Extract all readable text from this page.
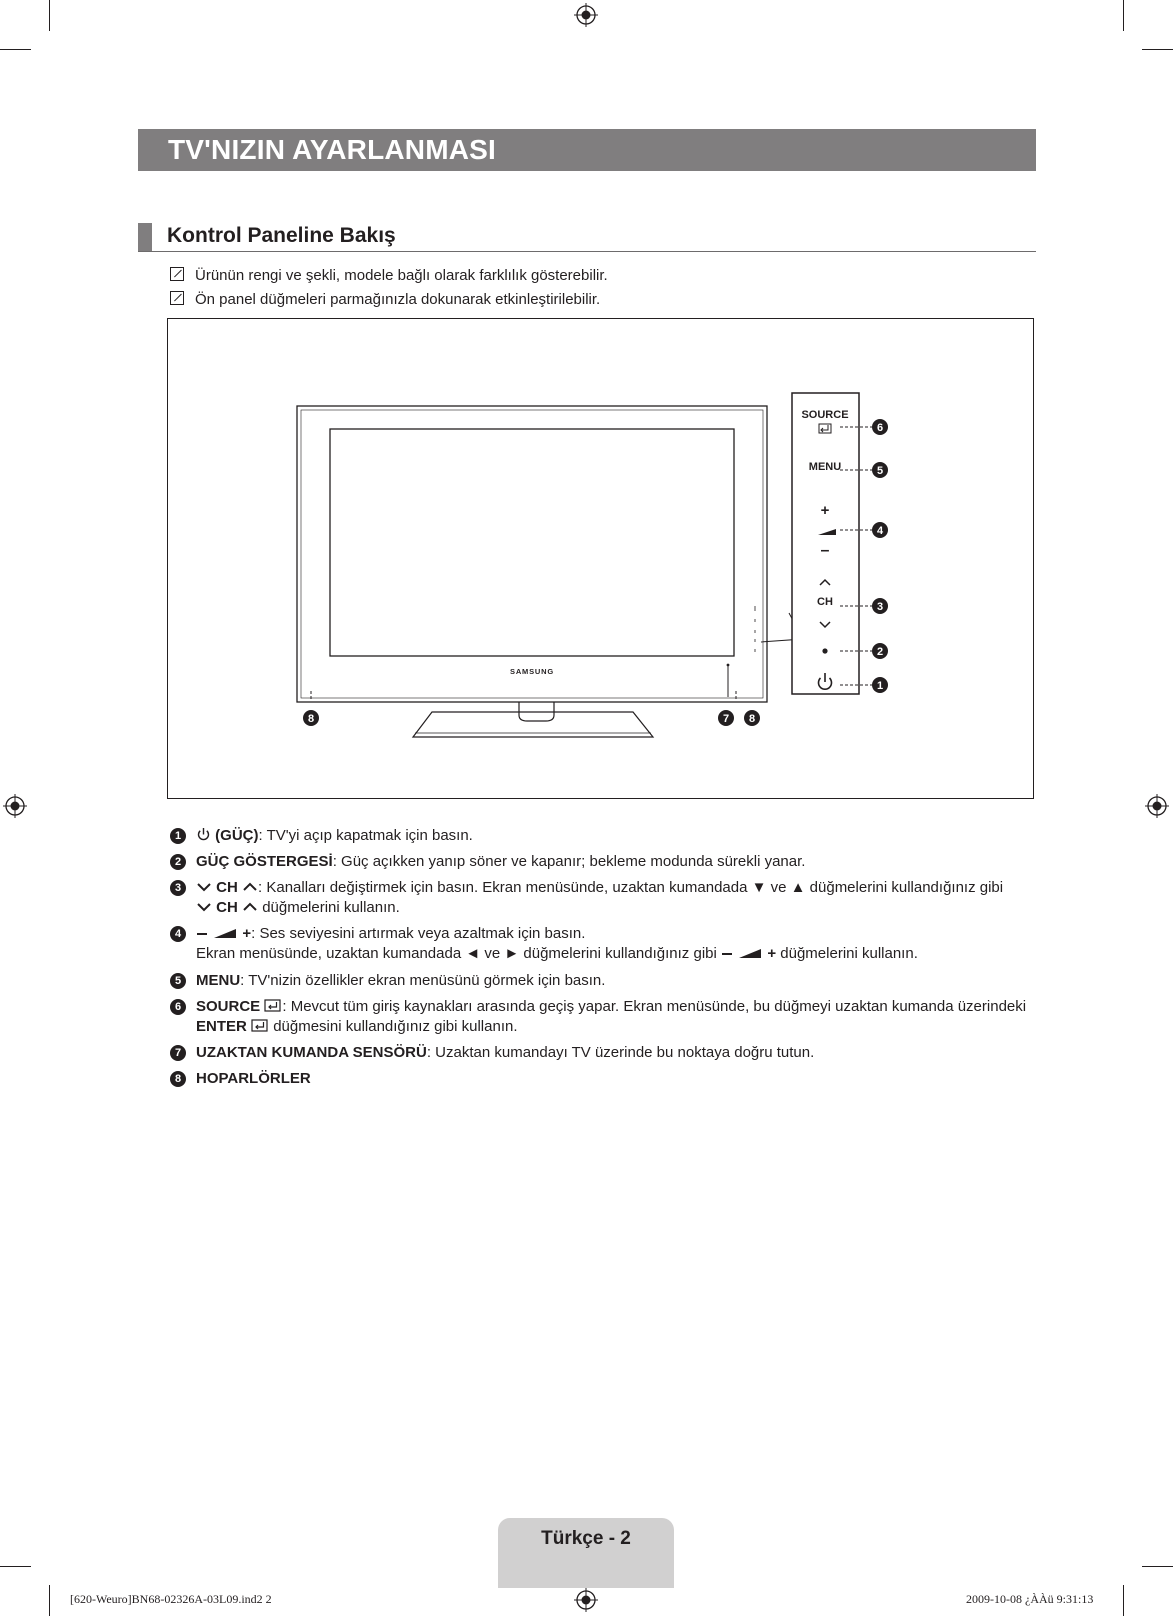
TV'NIZIN AYARLANMASI
Kontrol Paneline Bakış
Ürünün rengi ve şekli, modele bağlı olarak farklılık gösterebilir.
Ön panel düğmeleri parmağınızla dokunarak etkinleştirilebilir.
SAMSUNG
SOURCE
MENU
+
–
CH
6
5
4
3
2
1
8	7 8
1	(GÜÇ): TV'yi açıp kapatmak için basın.
2 GÜÇ GÖSTERGESİ: Güç açıkken yanıp söner ve kapanır; bekleme modunda sürekli yanar.
3	CH : Kanalları değiştirmek için basın. Ekran menüsünde, uzaktan kumandada ▼ ve ▲ düğmelerini kullandığınız gibi
CH düğmelerini kullanın.
4	+: Ses seviyesini artırmak veya azaltmak için basın.
Ekran menüsünde, uzaktan kumandada ◄ ve ► düğmelerini kullandığınız gibi	+ düğmelerini kullanın.
5 MENU: TV'nizin özellikler ekran menüsünü görmek için basın.
6 SOURCE : Mevcut tüm giriş kaynakları arasında geçiş yapar. Ekran menüsünde, bu düğmeyi uzaktan kumanda üzerindeki
ENTER düğmesini kullandığınız gibi kullanın.
7 UZAKTAN KUMANDA SENSÖRÜ: Uzaktan kumandayı TV üzerinde bu noktaya doğru tutun.
8 HOPARLÖRLER
Türkçe - 2
[620-Weuro]BN68-02326A-03L09.ind2 2	2009-10-08 ¿ÀÀü 9:31:13
